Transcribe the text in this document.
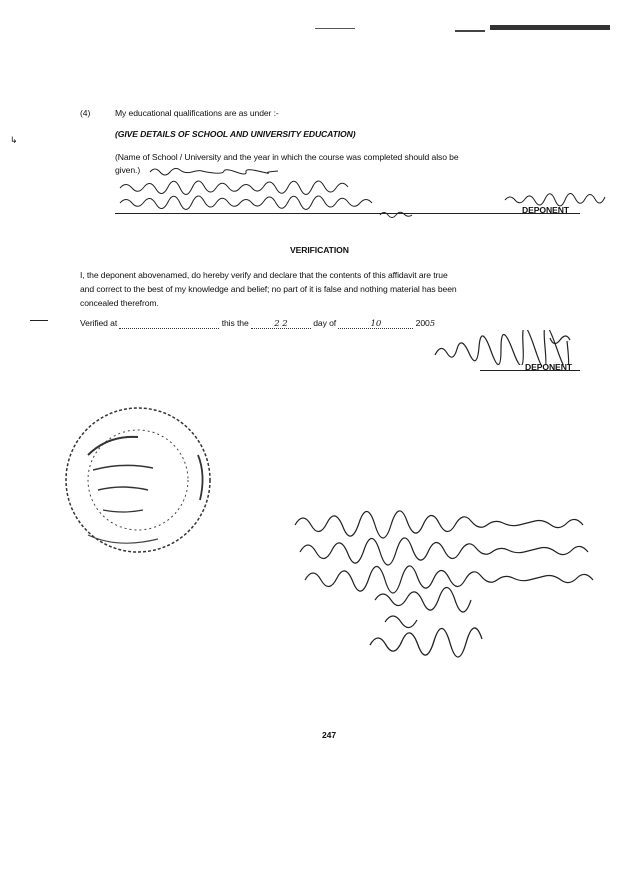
↳
(4)	My educational qualifications are as under :-
(GIVE DETAILS OF SCHOOL AND UNIVERSITY EDUCATION)
(Name of School / University and the year in which the course was completed should also be
given.)
DEPONENT
VERIFICATION
I, the deponent abovenamed, do hereby verify and declare that the contents of this affidavit are true
and correct to the best of my knowledge and belief; no part of it is false and nothing material has been
concealed therefrom.
Verified at	this the	2 2	day of	10	2005
DEPONENT
247
